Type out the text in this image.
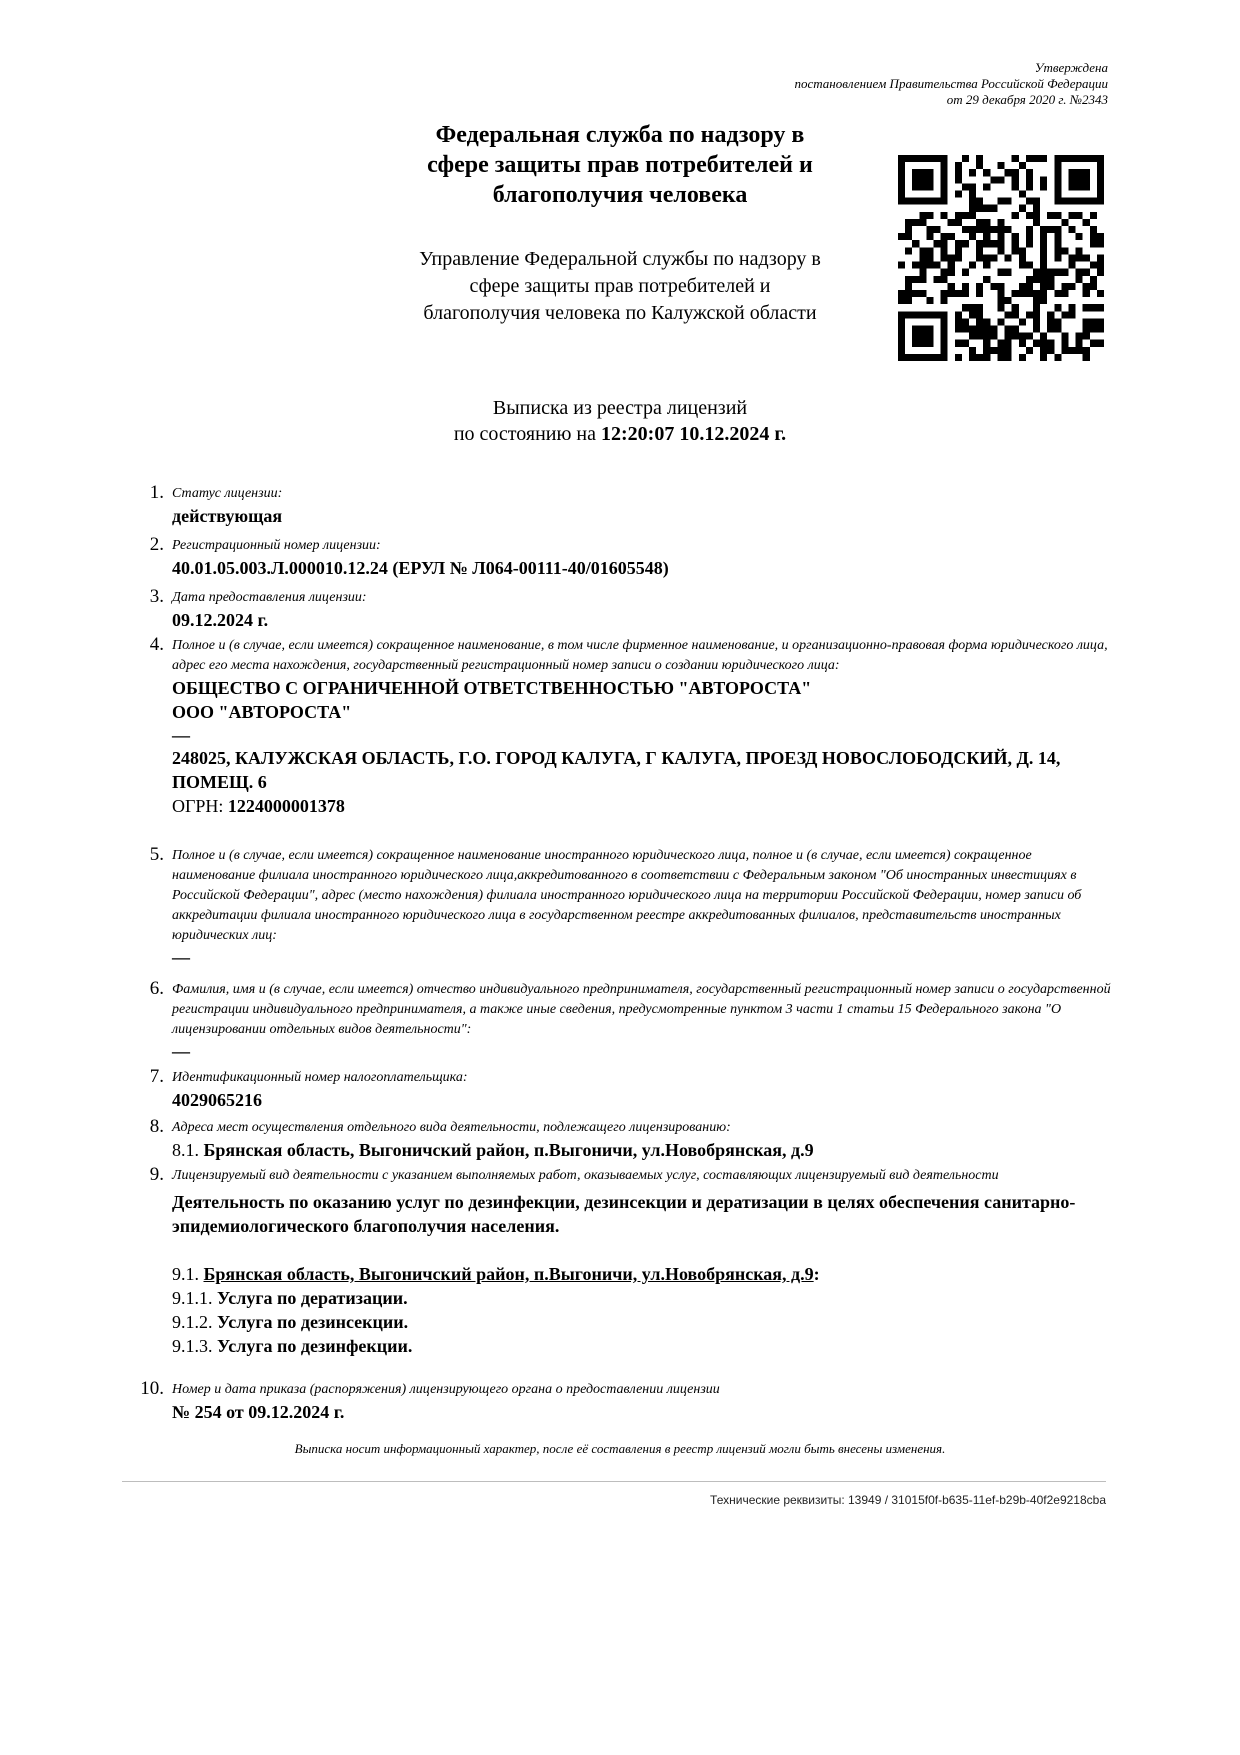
Утверждена
постановлением Правительства Российской Федерации
от 29 декабря 2020 г. №2343
Федеральная служба по надзору в
сфере защиты прав потребителей и
благополучия человека
Управление Федеральной службы по надзору в
сфере защиты прав потребителей и
благополучия человека по Калужской области
Выписка из реестра лицензий
по состоянию на 12:20:07 10.12.2024 г.
1. Статус лицензии:
действующая
2. Регистрационный номер лицензии:
40.01.05.003.Л.000010.12.24 (ЕРУЛ № Л064-00111-40/01605548)
3. Дата предоставления лицензии:
09.12.2024 г.
4. Полное и (в случае, если имеется) сокращенное наименование, в том числе фирменное наименование, и организационно-правовая форма юридического лица, адрес его места нахождения, государственный регистрационный номер записи о создании юридического лица:
ОБЩЕСТВО С ОГРАНИЧЕННОЙ ОТВЕТСТВЕННОСТЬЮ "АВТОРОСТА"
ООО "АВТОРОСТА"
—
248025, КАЛУЖСКАЯ ОБЛАСТЬ, Г.О. ГОРОД КАЛУГА, Г КАЛУГА, ПРОЕЗД НОВОСЛОБОДСКИЙ, Д. 14, ПОМЕЩ. 6
ОГРН: 1224000001378
5. Полное и (в случае, если имеется) сокращенное наименование иностранного юридического лица, полное и (в случае, если имеется) сокращенное наименование филиала иностранного юридического лица,аккредитованного в соответствии с Федеральным законом "Об иностранных инвестициях в Российской Федерации", адрес (место нахождения) филиала иностранного юридического лица на территории Российской Федерации, номер записи об аккредитации филиала иностранного юридического лица в государственном реестре аккредитованных филиалов, представительств иностранных юридических лиц:
—
6. Фамилия, имя и (в случае, если имеется) отчество индивидуального предпринимателя, государственный регистрационный номер записи о государственной регистрации индивидуального предпринимателя, а также иные сведения, предусмотренные пунктом 3 части 1 статьи 15 Федерального закона "О лицензировании отдельных видов деятельности":
—
7. Идентификационный номер налогоплательщика:
4029065216
8. Адреса мест осуществления отдельного вида деятельности, подлежащего лицензированию:
8.1. Брянская область, Выгоничский район, п.Выгоничи, ул.Новобрянская, д.9
9. Лицензируемый вид деятельности с указанием выполняемых работ, оказываемых услуг, составляющих лицензируемый вид деятельности
Деятельность по оказанию услуг по дезинфекции, дезинсекции и дератизации в целях обеспечения санитарно-эпидемиологического благополучия населения.
9.1. Брянская область, Выгоничский район, п.Выгоничи, ул.Новобрянская, д.9:
9.1.1. Услуга по дератизации.
9.1.2. Услуга по дезинсекции.
9.1.3. Услуга по дезинфекции.
10. Номер и дата приказа (распоряжения) лицензирующего органа о предоставлении лицензии
№ 254 от 09.12.2024 г.
Выписка носит информационный характер, после её составления в реестр лицензий могли быть внесены изменения.
Технические реквизиты: 13949 / 31015f0f-b635-11ef-b29b-40f2e9218cba
